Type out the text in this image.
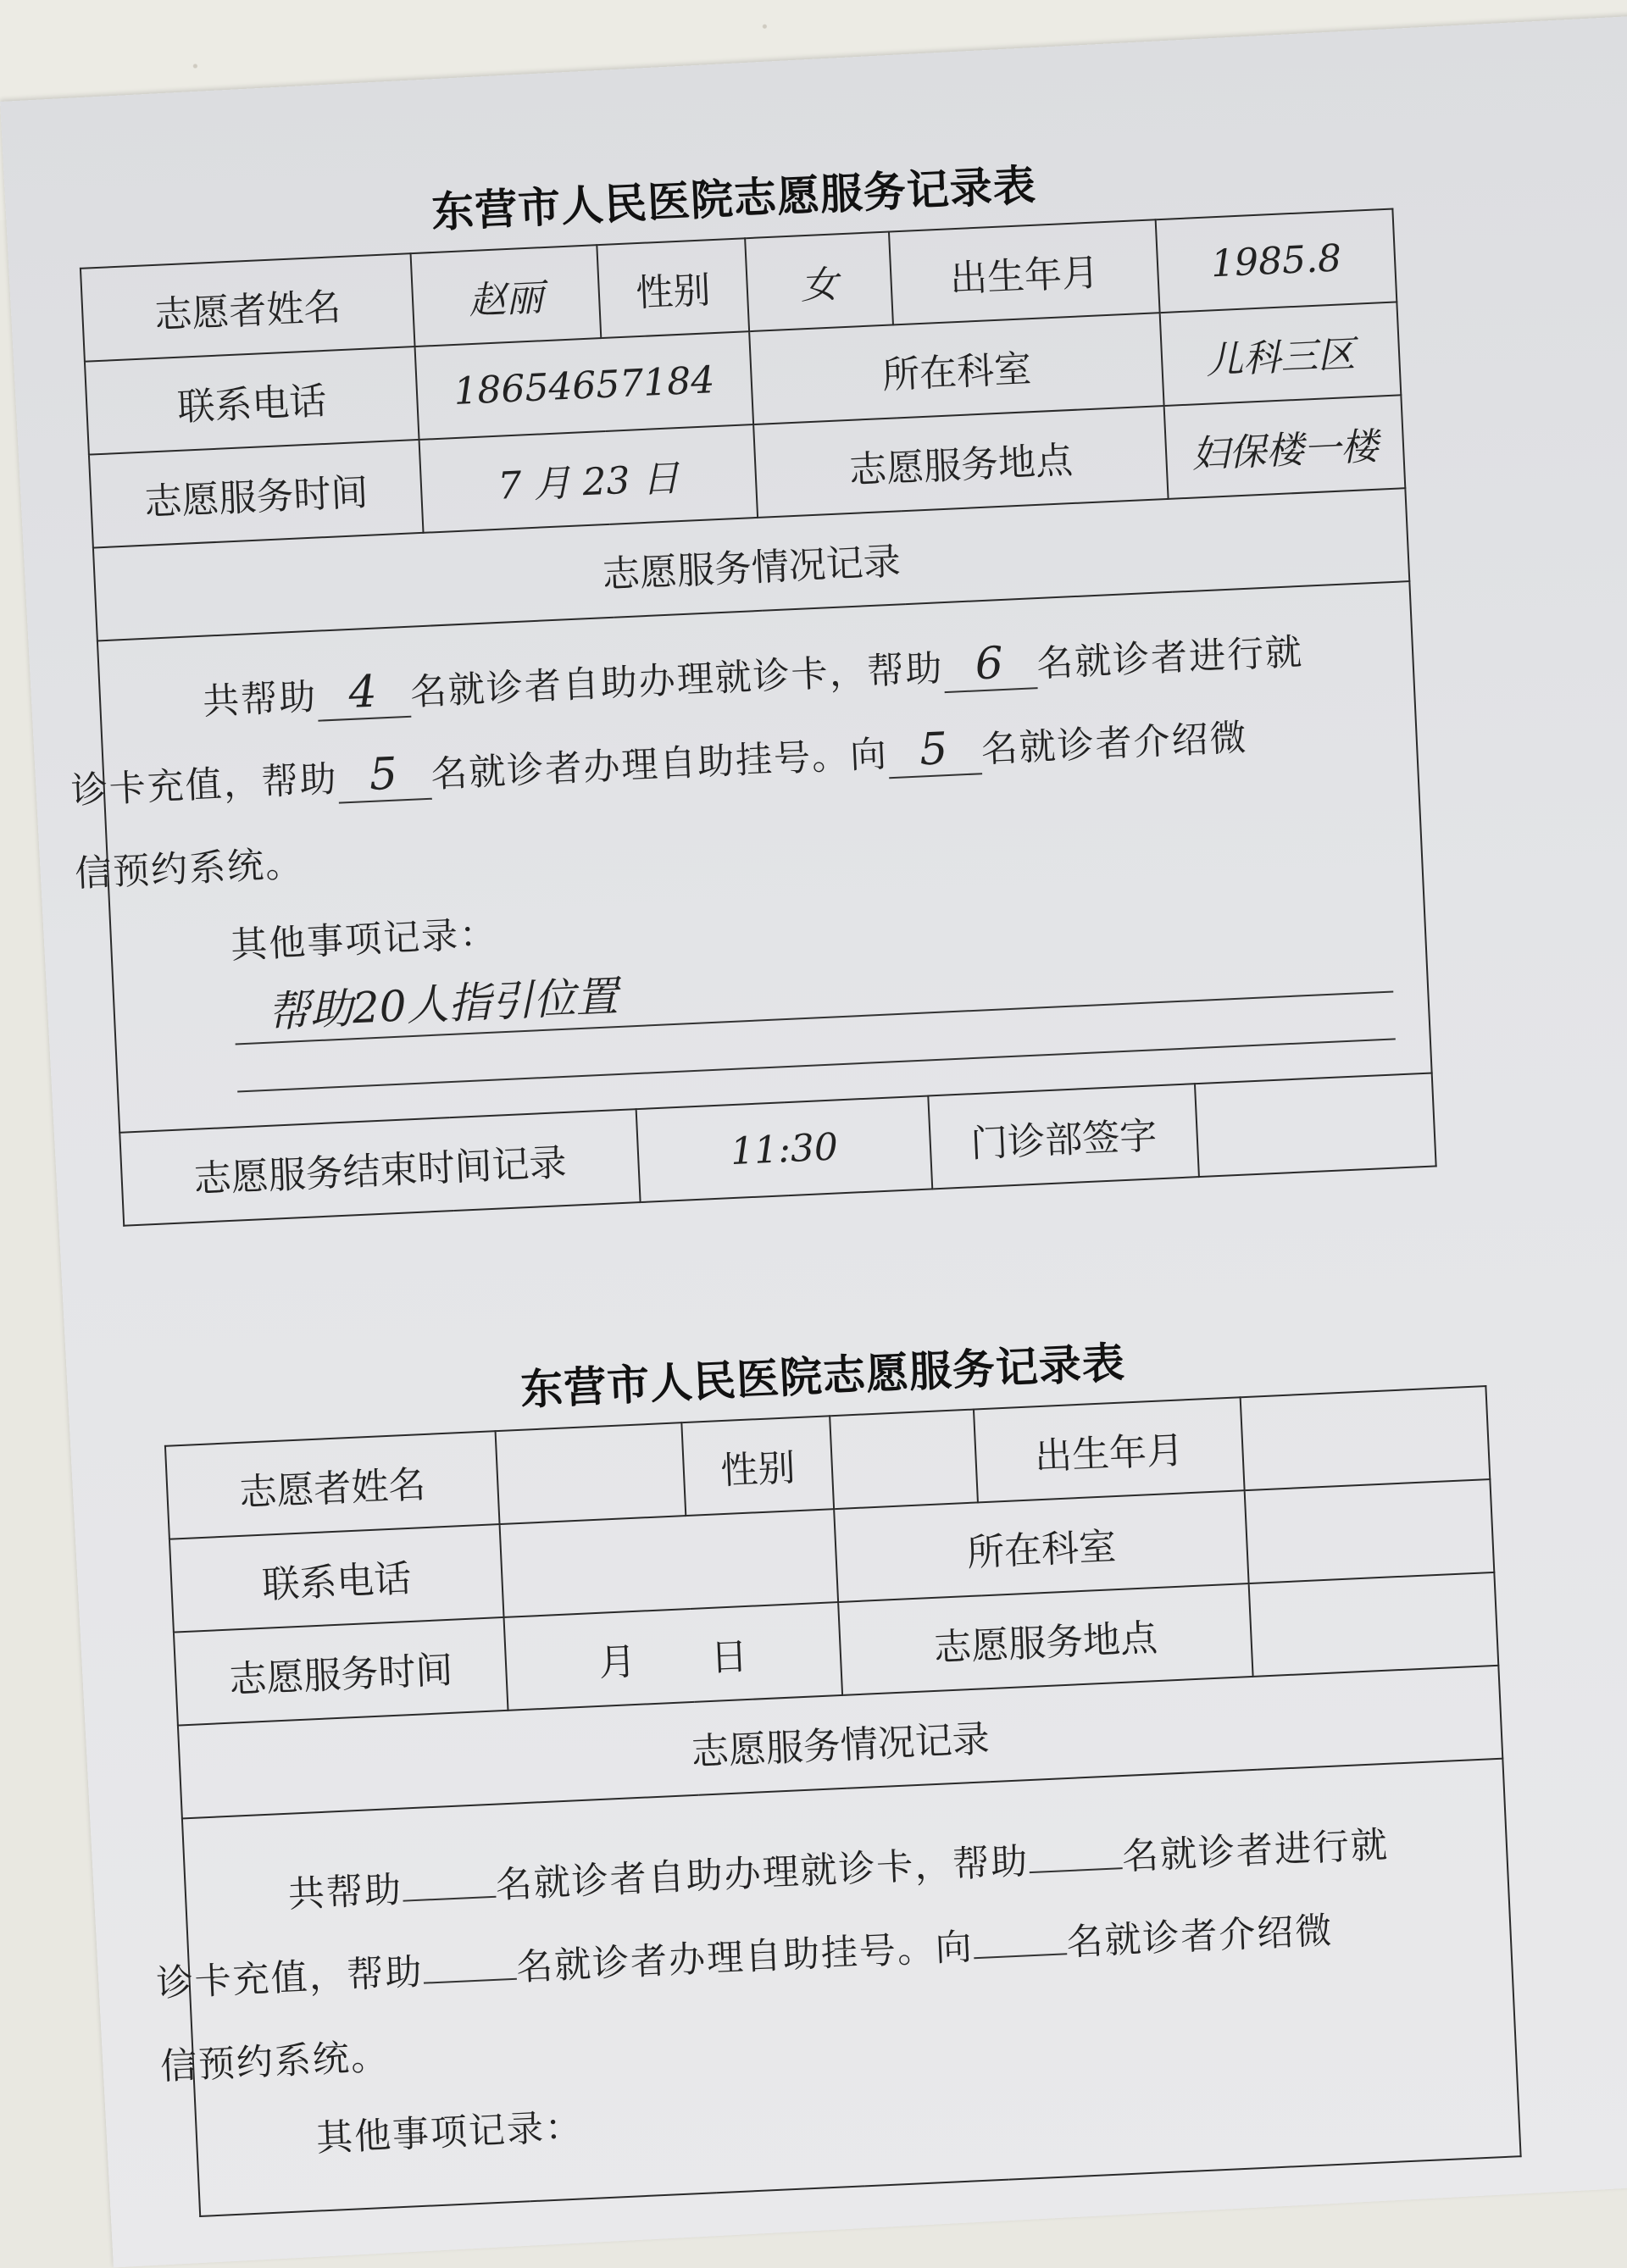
东营市人民医院志愿服务记录表
志愿者姓名	赵丽	性别	女	出生年月	1985.8
联系电话	18654657184		所在科室		儿科三区
志愿服务时间	7 月 23 日		志愿服务地点		妇保楼一楼
志愿服务情况记录					

共帮助 4 名就诊者自助办理就诊卡，帮助 6 名就诊者进行就
诊卡充值，帮助 5 名就诊者办理自助挂号。向 5 名就诊者介绍微
信预约系统。

其他事项记录：
帮助20人指引位置					

志愿服务结束时间记录		11:30		门诊部签字	
东营市人民医院志愿服务记录表
志愿者姓名		性别		出生年月	
联系电话			所在科室		
志愿服务时间	月　　日		志愿服务地点		
志愿服务情况记录					

共帮助 名就诊者自助办理就诊卡，帮助 名就诊者进行就
诊卡充值，帮助 名就诊者办理自助挂号。向 名就诊者介绍微
信预约系统。

其他事项记录：					
